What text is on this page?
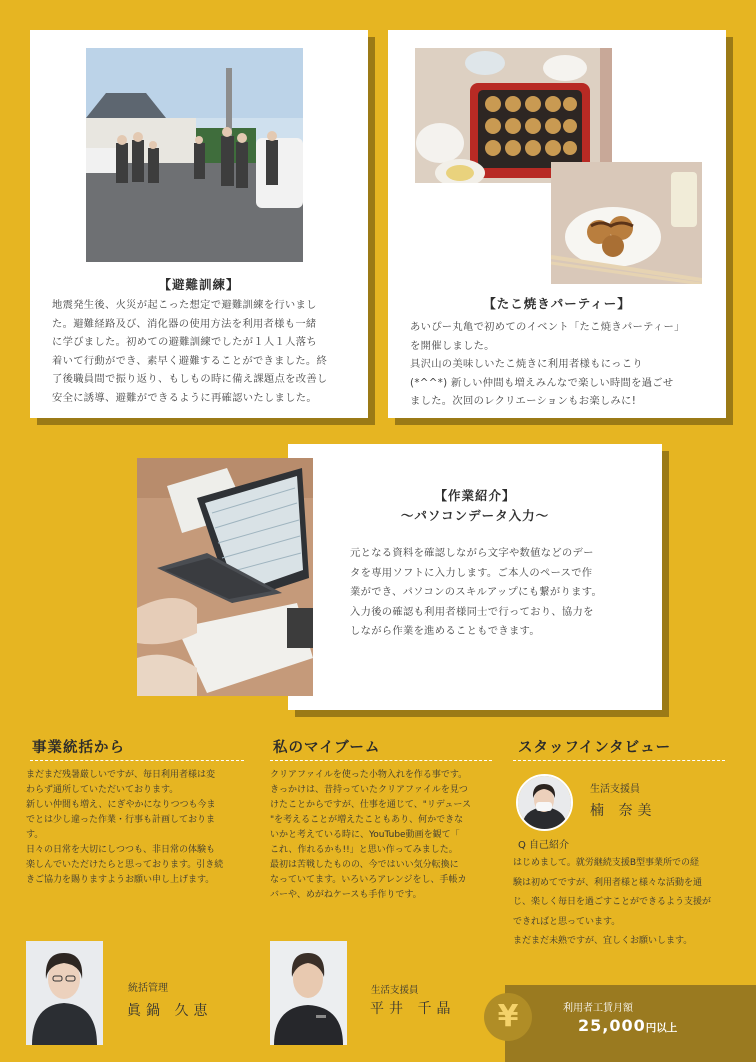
【避難訓練】
地震発生後、火災が起こった想定で避難訓練を行いまし
た。避難経路及び、消化器の使用方法を利用者様も一緒
に学びました。初めての避難訓練でしたが１人１人落ち
着いて行動ができ、素早く避難することができました。終
了後職員間で振り返り、もしもの時に備え課題点を改善し
安全に誘導、避難ができるように再確認いたしました。
【たこ焼きパーティー】
あいぴー丸亀で初めてのイベント「たこ焼きパーティー」
を開催しました。
具沢山の美味しいたこ焼きに利用者様もにっこり
(*^^*) 新しい仲間も増えみんなで楽しい時間を過ごせ
ました。次回のレクリエーションもお楽しみに!
【作業紹介】
〜パソコンデータ入力〜
元となる資料を確認しながら文字や数値などのデー
タを専用ソフトに入力します。ご本人のペースで作
業ができ、パソコンのスキルアップにも繋がります。
入力後の確認も利用者様同士で行っており、協力を
しながら作業を進めることもできます。
事業統括から
まだまだ残暑厳しいですが、毎日利用者様は変
わらず通所していただいております。
新しい仲間も増え、にぎやかになりつつも今ま
でとは少し違った作業・行事も計画しておりま
す。
日々の日常を大切にしつつも、非日常の体験も
楽しんでいただけたらと思っております。引き続
きご協力を賜りますようお願い申し上げます。
統括管理
眞鍋 久恵
私のマイブーム
クリアファイルを使った小物入れを作る事です。
きっかけは、昔持っていたクリアファイルを見つ
けたことからですが、仕事を通じて、"リデュース
"を考えることが増えたこともあり、何かできな
いかと考えている時に、YouTube動画を観て「
これ、作れるかも!!」と思い作ってみました。
最初は苦戦したものの、今ではいい気分転換に
なっていてます。いろいろアレンジをし、手帳カ
バーや、めがねケースも手作りです。
生活支援員
平井 千晶
スタッフインタビュー
生活支援員
楠 奈美
Q 自己紹介
はじめまして。就労継続支援B型事業所での経
験は初めてですが、利用者様と様々な活動を通
じ、楽しく毎日を過ごすことができるよう支援が
できればと思っています。
まだまだ未熟ですが、宜しくお願いします。
¥	利用者工賃月額
25,000円以上
